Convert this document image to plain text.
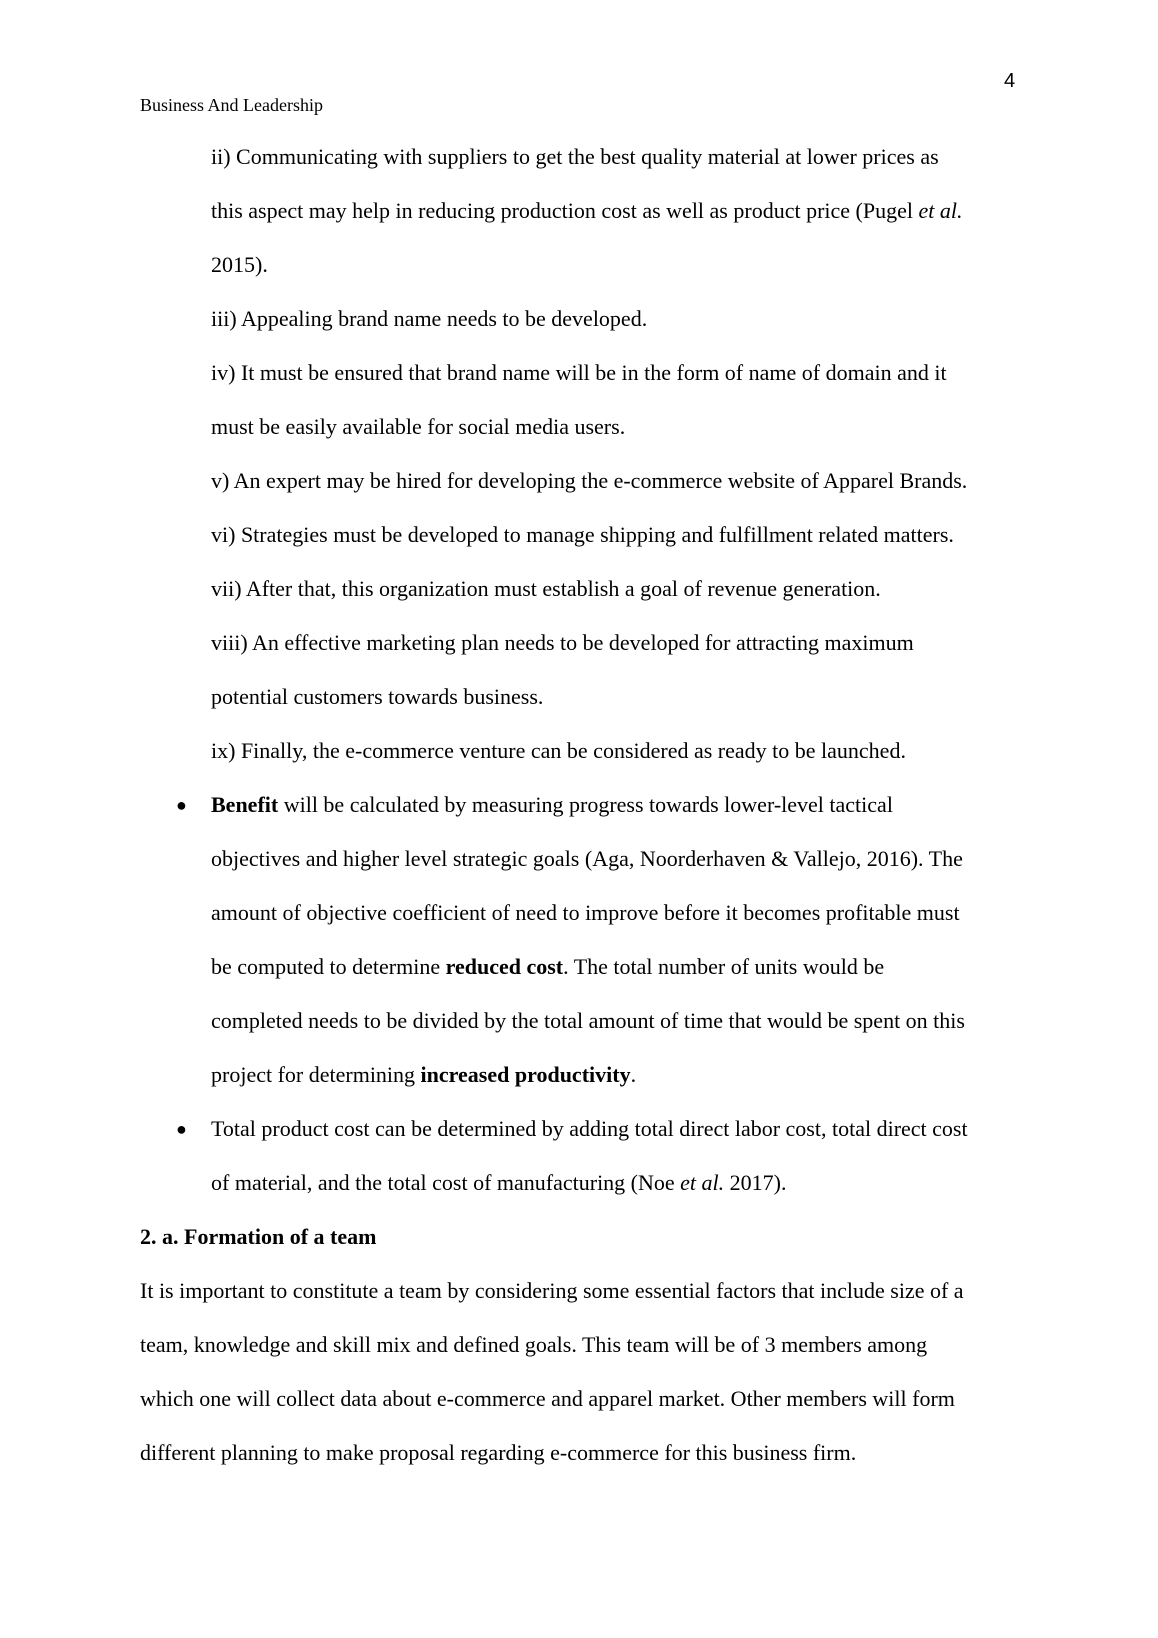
4
Business And Leadership
ii) Communicating with suppliers to get the best quality material at lower prices as
this aspect may help in reducing production cost as well as product price (Pugel et al.
2015).
iii) Appealing brand name needs to be developed.
iv) It must be ensured that brand name will be in the form of name of domain and it
must be easily available for social media users.
v) An expert may be hired for developing the e-commerce website of Apparel Brands.
vi) Strategies must be developed to manage shipping and fulfillment related matters.
vii) After that, this organization must establish a goal of revenue generation.
viii) An effective marketing plan needs to be developed for attracting maximum
potential customers towards business.
ix) Finally, the e-commerce venture can be considered as ready to be launched.
● Benefit will be calculated by measuring progress towards lower-level tactical
objectives and higher level strategic goals (Aga, Noorderhaven & Vallejo, 2016). The
amount of objective coefficient of need to improve before it becomes profitable must
be computed to determine reduced cost. The total number of units would be
completed needs to be divided by the total amount of time that would be spent on this
project for determining increased productivity.
● Total product cost can be determined by adding total direct labor cost, total direct cost
of material, and the total cost of manufacturing (Noe et al. 2017).
2. a. Formation of a team
It is important to constitute a team by considering some essential factors that include size of a
team, knowledge and skill mix and defined goals. This team will be of 3 members among
which one will collect data about e-commerce and apparel market. Other members will form
different planning to make proposal regarding e-commerce for this business firm.
